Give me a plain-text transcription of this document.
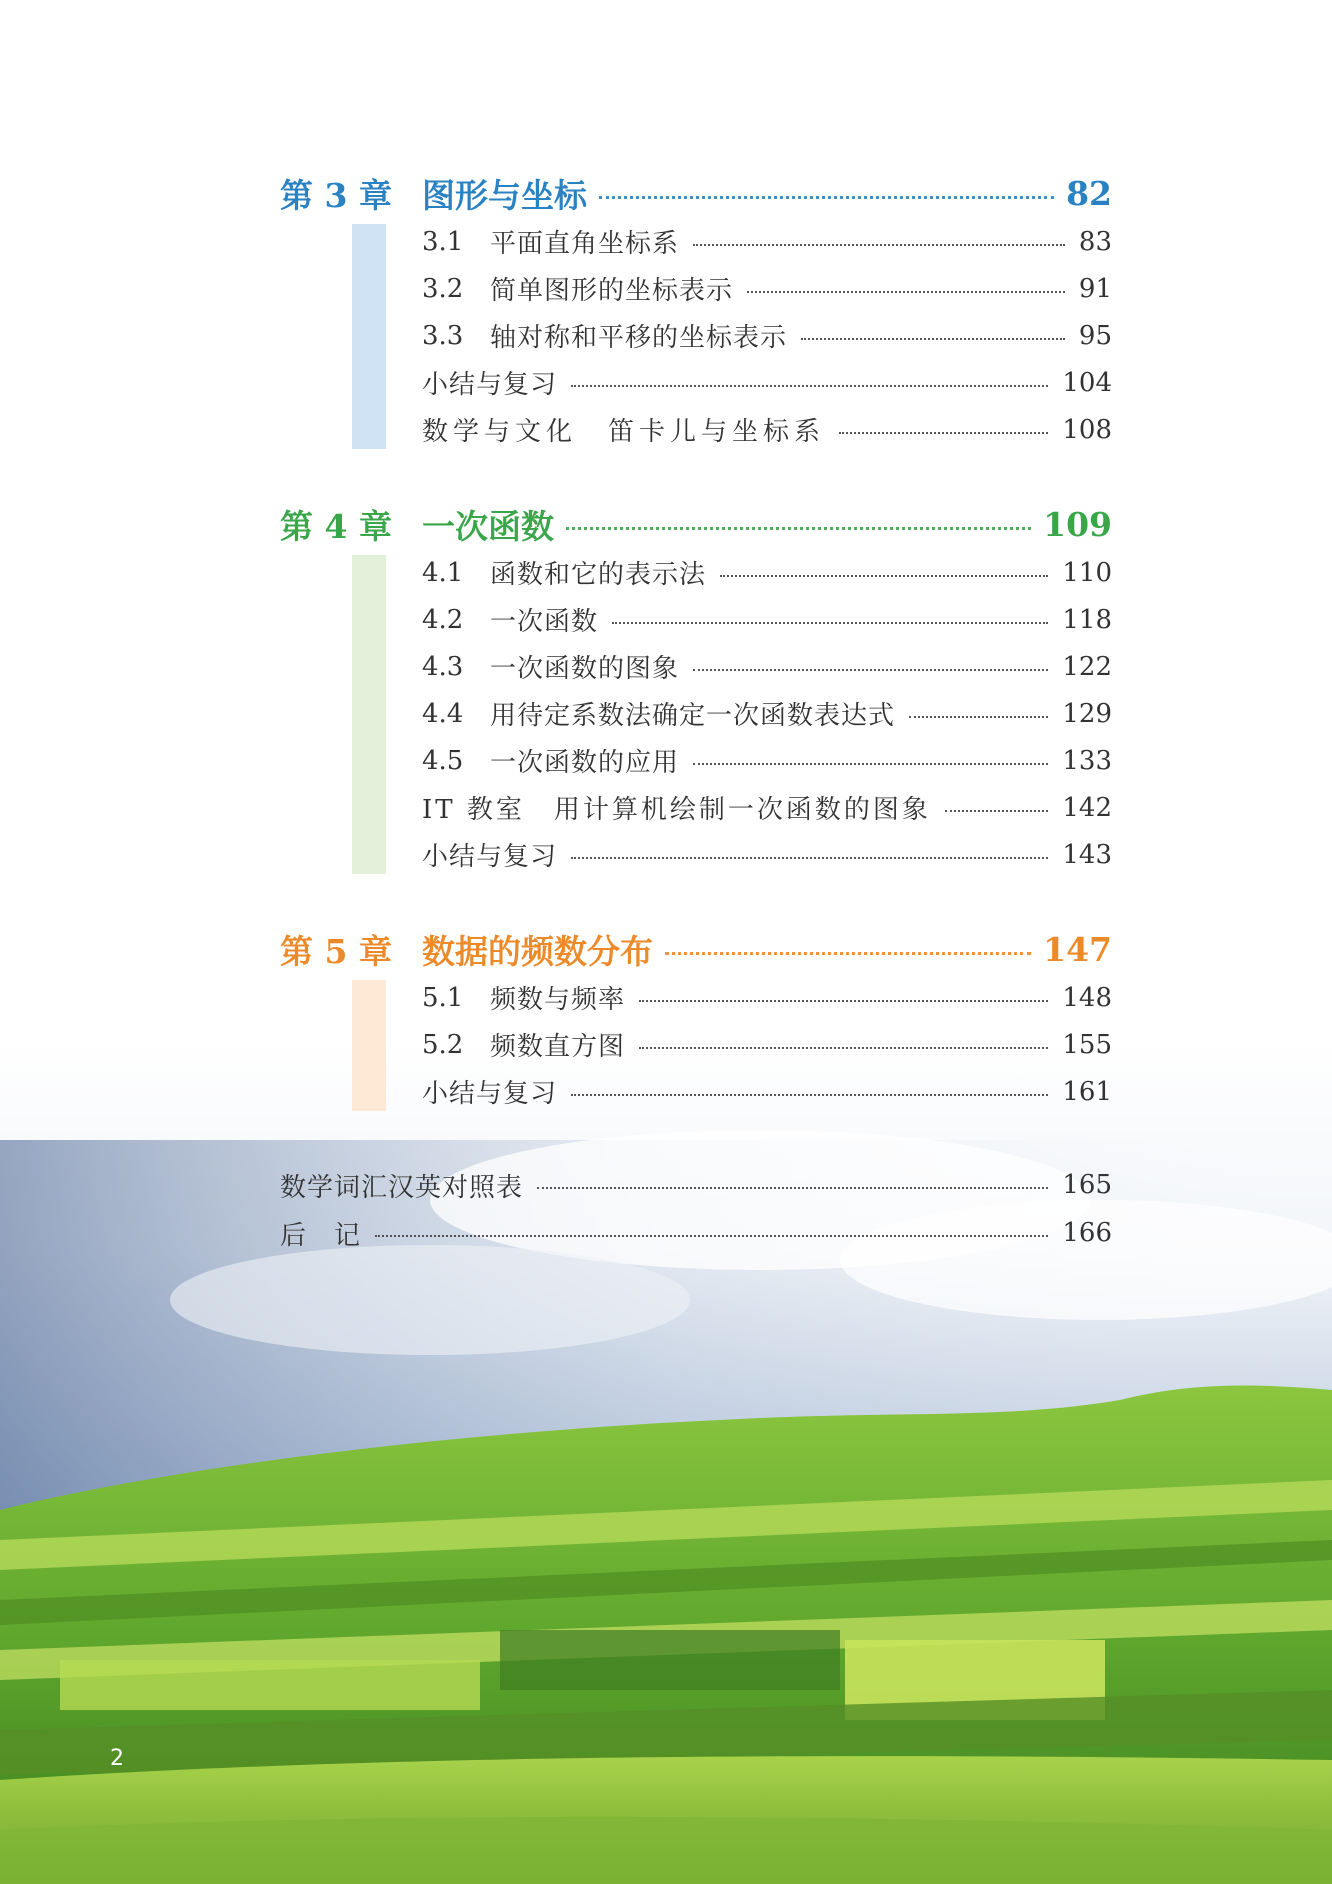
第 3 章 图形与坐标	82
3.1	平面直角坐标系	83
3.2	简单图形的坐标表示	91
3.3	轴对称和平移的坐标表示	95
小结与复习	104
数学与文化　笛卡儿与坐标系	108
第 4 章 一次函数	109
4.1	函数和它的表示法	110
4.2	一次函数	118
4.3	一次函数的图象	122
4.4	用待定系数法确定一次函数表达式	129
4.5	一次函数的应用	133
IT 教室　用计算机绘制一次函数的图象	142
小结与复习	143
第 5 章 数据的频数分布	147
5.1	频数与频率	148
5.2	频数直方图	155
小结与复习	161
数学词汇汉英对照表	165
后　记	166
2
